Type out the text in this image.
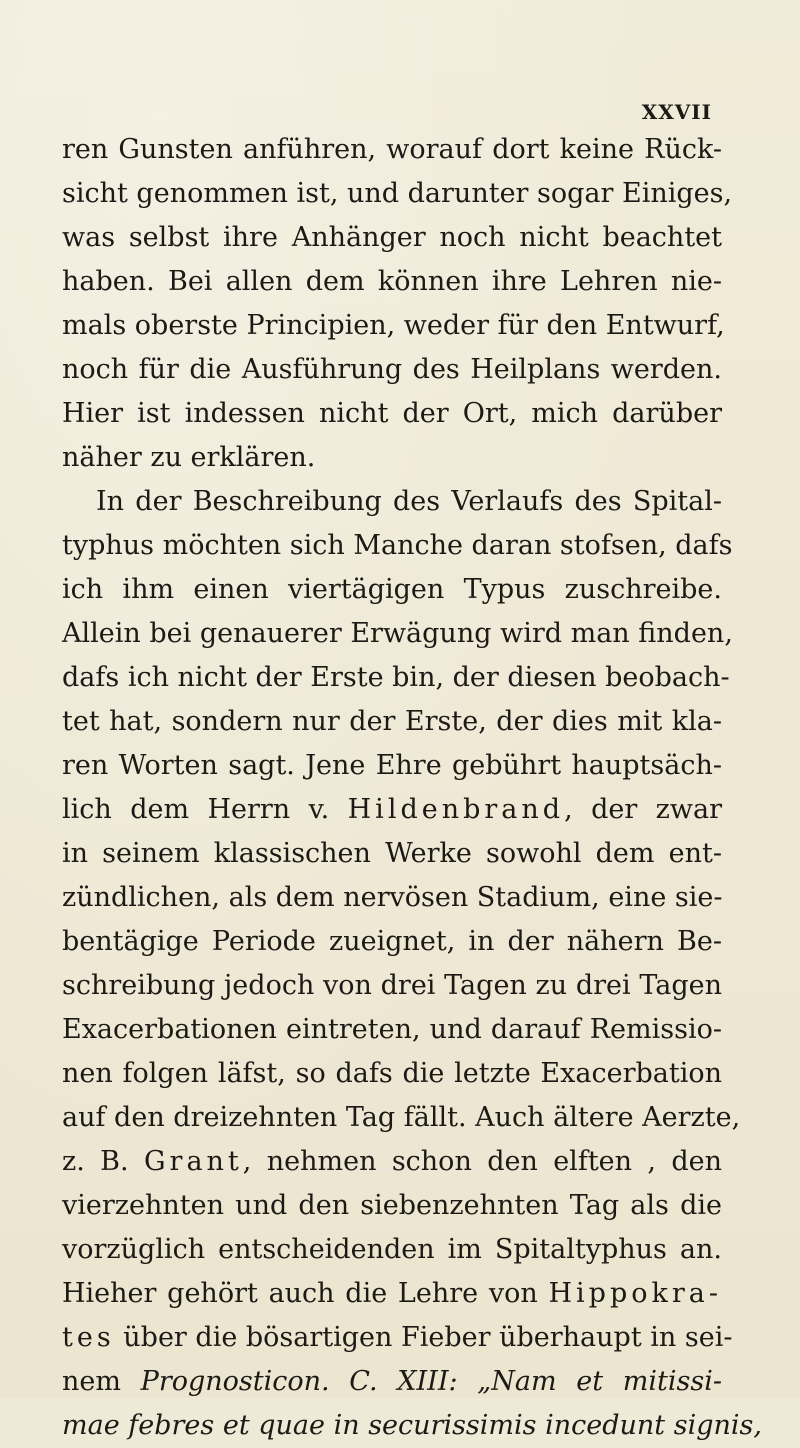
XXVII
ren Gunsten anführen, worauf dort keine Rück-
sicht genommen ist, und darunter sogar Einiges,
was selbst ihre Anhänger noch nicht beachtet
haben. Bei allen dem können ihre Lehren nie-
mals oberste Principien, weder für den Entwurf,
noch für die Ausführung des Heilplans werden.
Hier ist indessen nicht der Ort, mich darüber
näher zu erklären.
In der Beschreibung des Verlaufs des Spital-
typhus möchten sich Manche daran stofsen, dafs
ich ihm einen viertägigen Typus zuschreibe.
Allein bei genauerer Erwägung wird man finden,
dafs ich nicht der Erste bin, der diesen beobach-
tet hat, sondern nur der Erste, der dies mit kla-
ren Worten sagt. Jene Ehre gebührt hauptsäch-
lich dem Herrn v. Hildenbrand, der zwar
in seinem klassischen Werke sowohl dem ent-
zündlichen, als dem nervösen Stadium, eine sie-
bentägige Periode zueignet, in der nähern Be-
schreibung jedoch von drei Tagen zu drei Tagen
Exacerbationen eintreten, und darauf Remissio-
nen folgen läfst, so dafs die letzte Exacerbation
auf den dreizehnten Tag fällt. Auch ältere Aerzte,
z. B. Grant, nehmen schon den elften , den
vierzehnten und den siebenzehnten Tag als die
vorzüglich entscheidenden im Spitaltyphus an.
Hieher gehört auch die Lehre von Hippokra-
tes über die bösartigen Fieber überhaupt in sei-
nem Prognosticon. C. XIII: „Nam et mitissi-
mae febres et quae in securissimis incedunt signis,
